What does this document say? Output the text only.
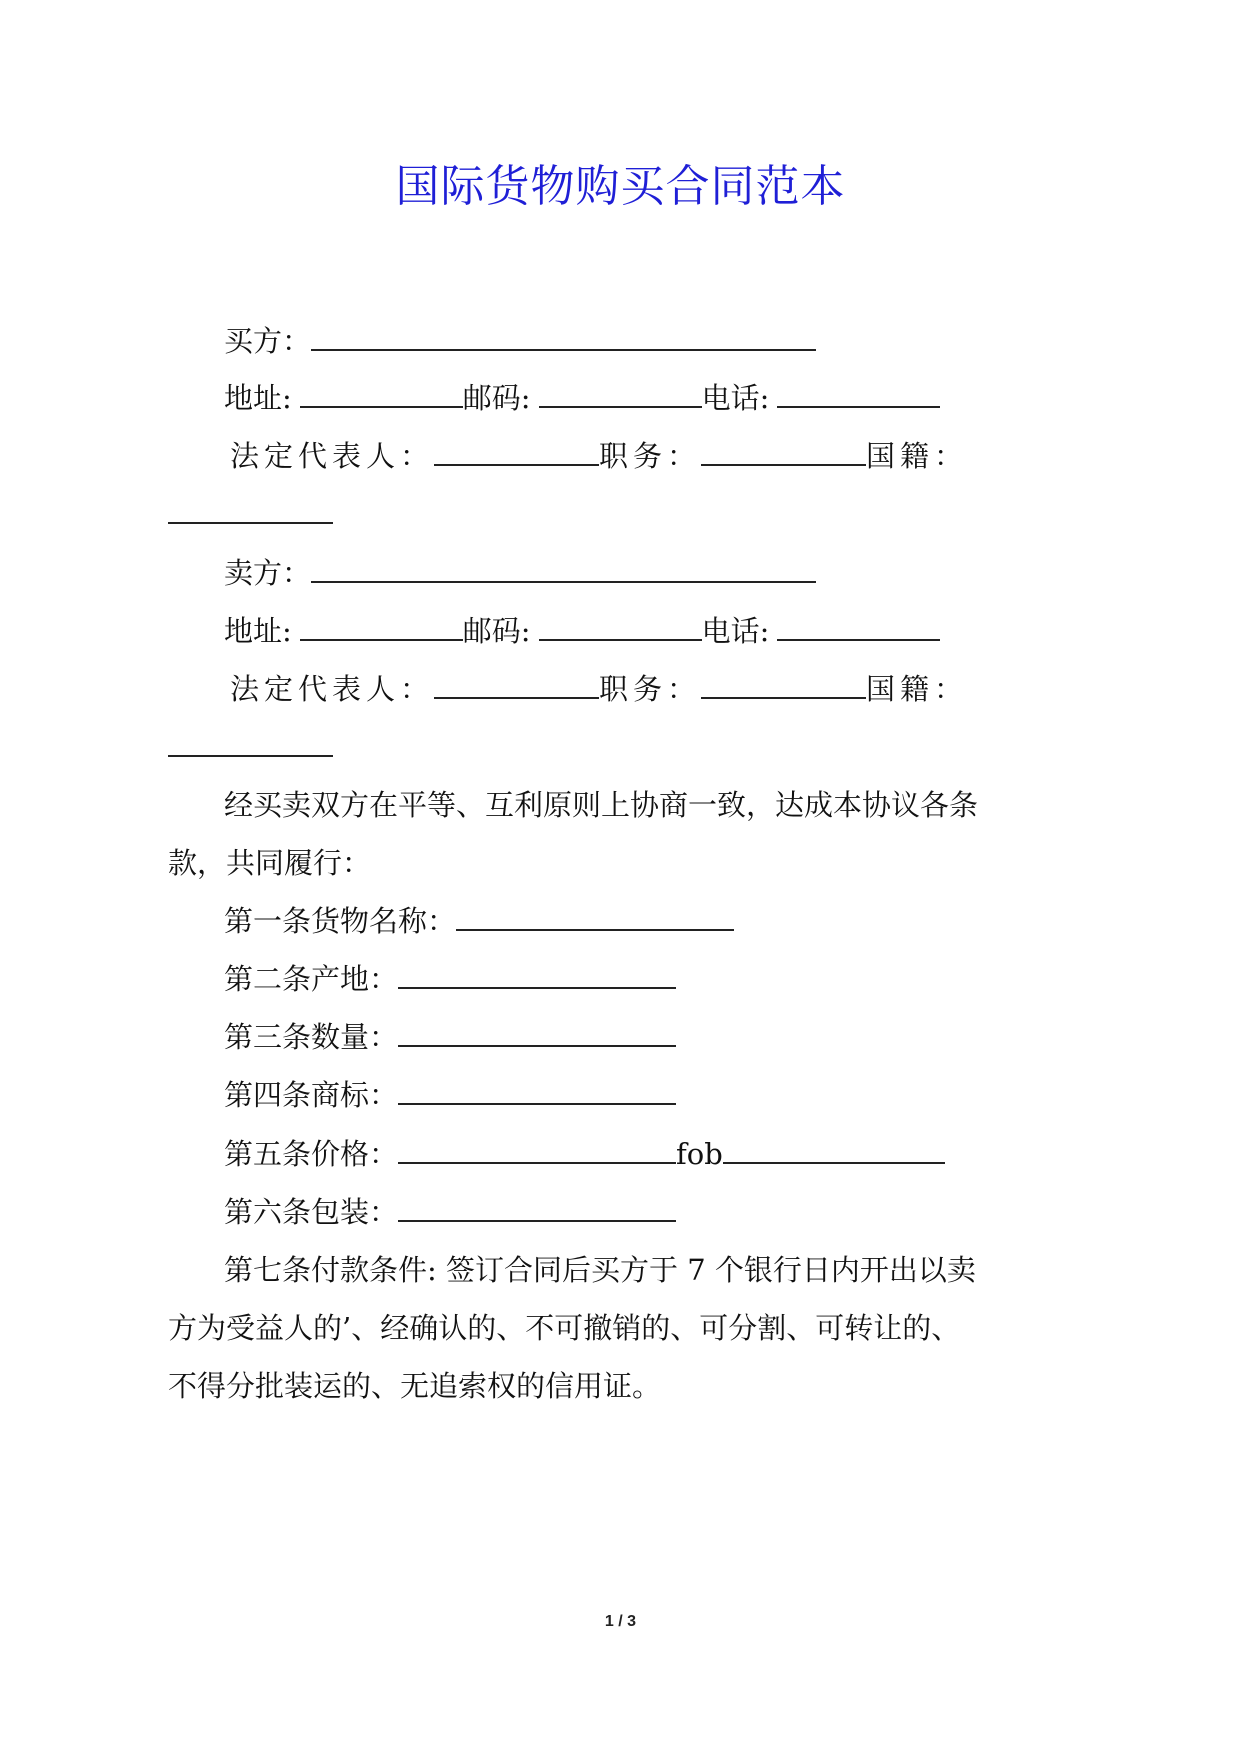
国际货物购买合同范本
买方：
地址:	邮码:	电话:
法定代表人：	职务：	国籍：
卖方：
地址:	邮码:	电话:
法定代表人：	职务：	国籍：
经买卖双方在平等、互利原则上协商一致，达成本协议各条
款，共同履行：
第一条货物名称：
第二条产地：
第三条数量：
第四条商标：
第五条价格：	fob
第六条包装：
第七条付款条件: 签订合同后买方于 7 个银行日内开出以卖
方为受益人的’、经确认的、不可撤销的、可分割、可转让的、
不得分批装运的、无追索权的信用证。
1 / 3
